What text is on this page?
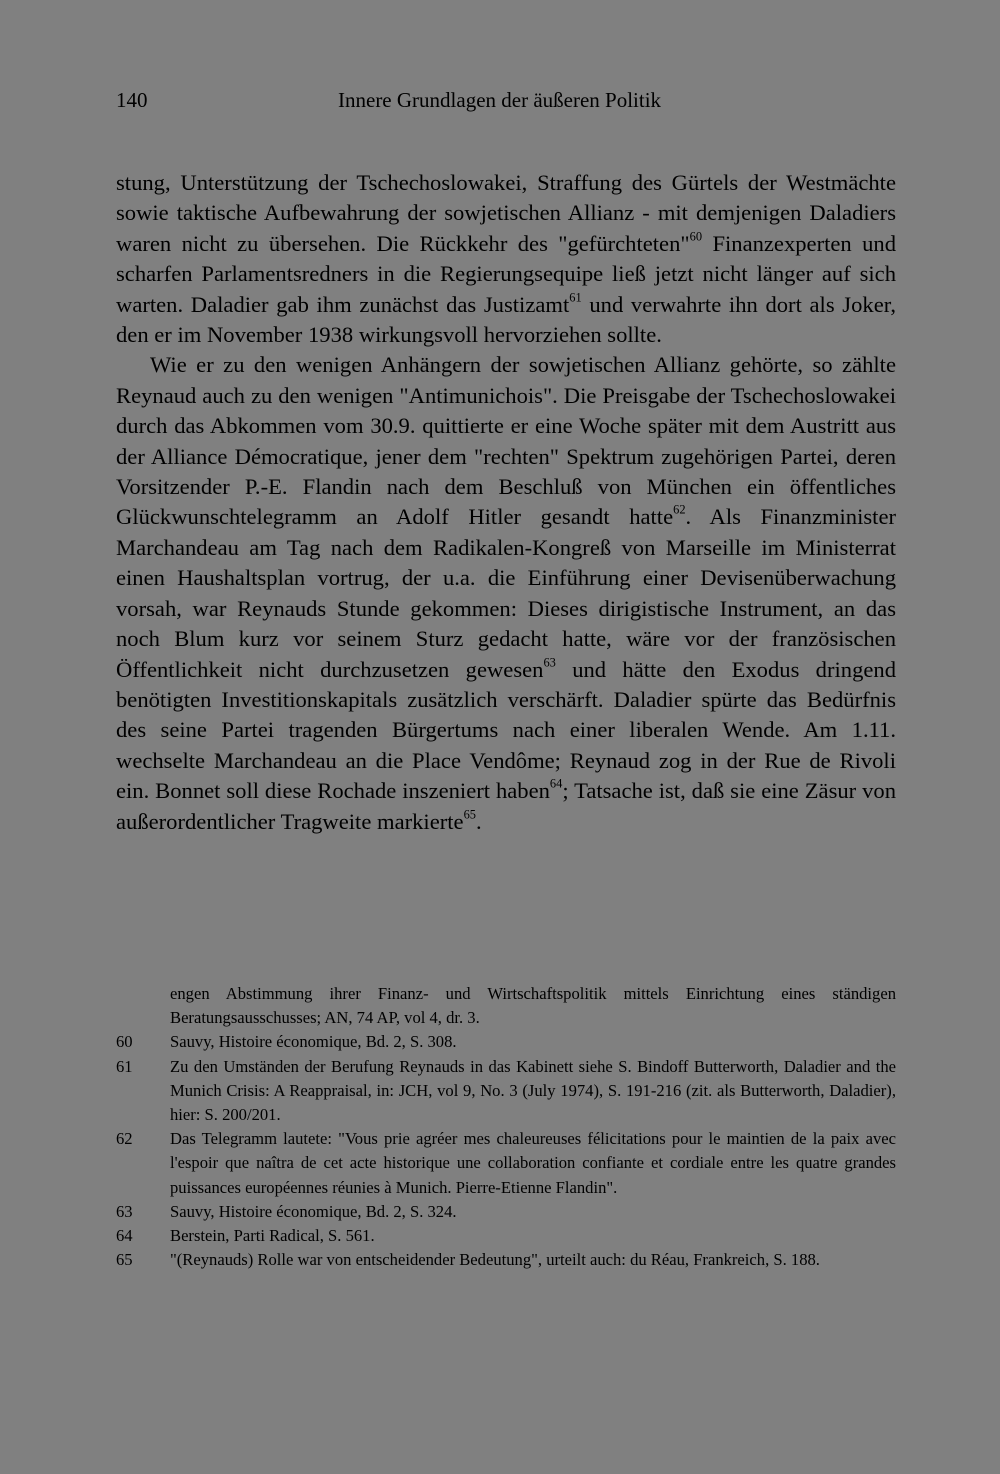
140	Innere Grundlagen der äußeren Politik

stung, Unterstützung der Tschechoslowakei, Straffung des Gürtels der Westmächte sowie taktische Aufbewahrung der sowjetischen Allianz - mit demjenigen Daladiers waren nicht zu übersehen. Die Rückkehr des "gefürchteten"$^{60}$ Finanzexperten und scharfen Parlamentsredners in die Regierungsequipe ließ jetzt nicht länger auf sich warten. Daladier gab ihm zunächst das Justizamt$^{61}$ und verwahrte ihn dort als Joker, den er im November 1938 wirkungsvoll hervorziehen sollte.

Wie er zu den wenigen Anhängern der sowjetischen Allianz gehörte, so zählte Reynaud auch zu den wenigen "Antimunichois". Die Preisgabe der Tschechoslowakei durch das Abkommen vom 30.9. quittierte er eine Woche später mit dem Austritt aus der Alliance Démocratique, jener dem "rechten" Spektrum zugehörigen Partei, deren Vorsitzender P.-E. Flandin nach dem Beschluß von München ein öffentliches Glückwunschtelegramm an Adolf Hitler gesandt hatte$^{62}$. Als Finanzminister Marchandeau am Tag nach dem Radikalen-Kongreß von Marseille im Ministerrat einen Haushaltsplan vortrug, der u.a. die Einführung einer Devisenüberwachung vorsah, war Reynauds Stunde gekommen: Dieses dirigistische Instrument, an das noch Blum kurz vor seinem Sturz gedacht hatte, wäre vor der französischen Öffentlichkeit nicht durchzusetzen gewesen$^{63}$ und hätte den Exodus dringend benötigten Investitionskapitals zusätzlich verschärft. Daladier spürte das Bedürfnis des seine Partei tragenden Bürgertums nach einer liberalen Wende. Am 1.11. wechselte Marchandeau an die Place Vendôme; Reynaud zog in der Rue de Rivoli ein. Bonnet soll diese Rochade inszeniert haben$^{64}$; Tatsache ist, daß sie eine Zäsur von außerordentlicher Tragweite markierte$^{65}$.

engen Abstimmung ihrer Finanz- und Wirtschaftspolitik mittels Einrichtung eines ständigen Beratungsausschusses; AN, 74 AP, vol 4, dr. 3.

60	Sauvy, Histoire économique, Bd. 2, S. 308.
61	Zu den Umständen der Berufung Reynauds in das Kabinett siehe S. Bindoff Butterworth, Daladier and the Munich Crisis: A Reappraisal, in: JCH, vol 9, No. 3 (July 1974), S. 191-216 (zit. als Butterworth, Daladier), hier: S. 200/201.
62	Das Telegramm lautete: "Vous prie agréer mes chaleureuses félicitations pour le maintien de la paix avec l'espoir que naîtra de cet acte historique une collaboration confiante et cordiale entre les quatre grandes puissances européennes réunies à Munich. Pierre-Etienne Flandin".
63	Sauvy, Histoire économique, Bd. 2, S. 324.
64	Berstein, Parti Radical, S. 561.
65	"(Reynauds) Rolle war von entscheidender Bedeutung", urteilt auch: du Réau, Frankreich, S. 188.
